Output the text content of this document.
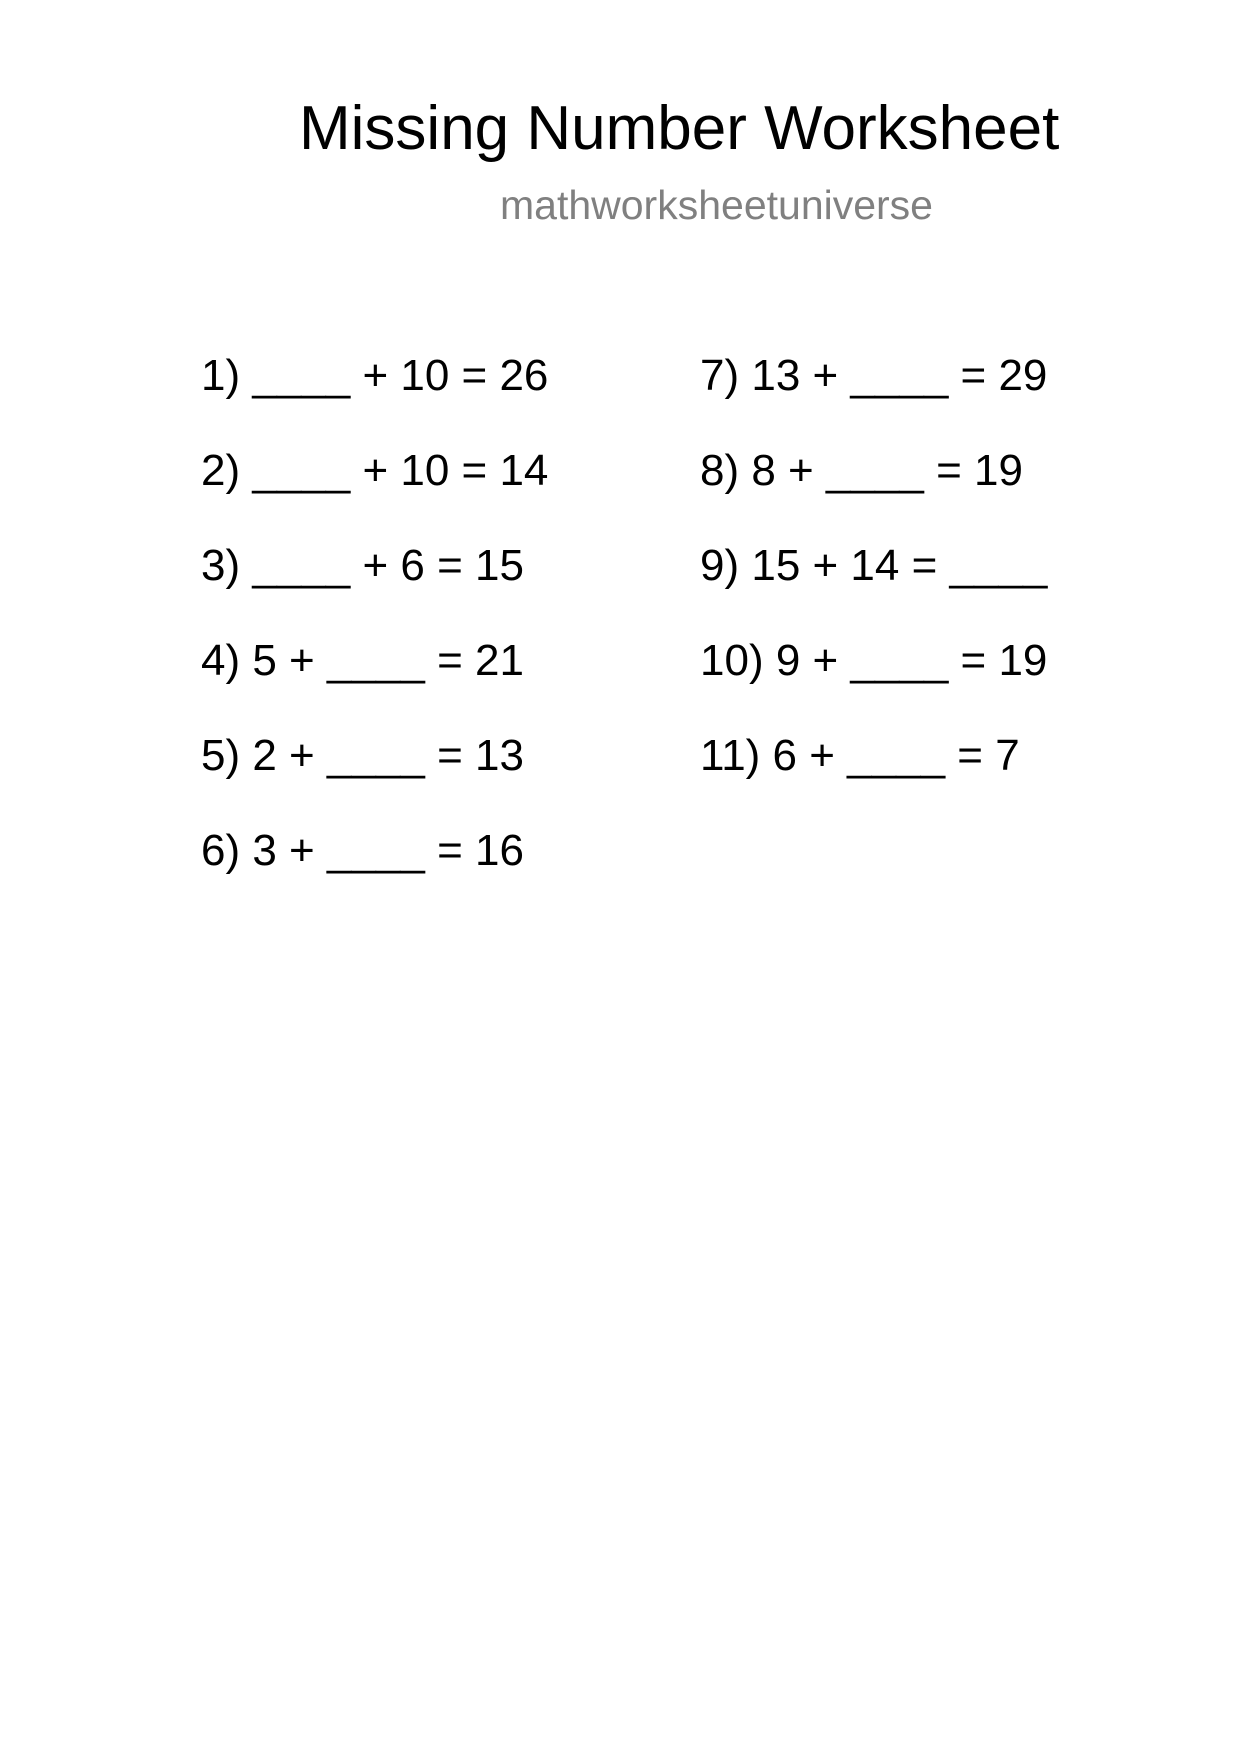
Missing Number Worksheet
mathworksheetuniverse
1) ____ + 10 = 26
2) ____ + 10 = 14
3) ____ + 6 = 15
4) 5 + ____ = 21
5) 2 + ____ = 13
6) 3 + ____ = 16
7) 13 + ____ = 29
8) 8 + ____ = 19
9) 15 + 14 = ____
10) 9 + ____ = 19
11) 6 + ____ = 7
